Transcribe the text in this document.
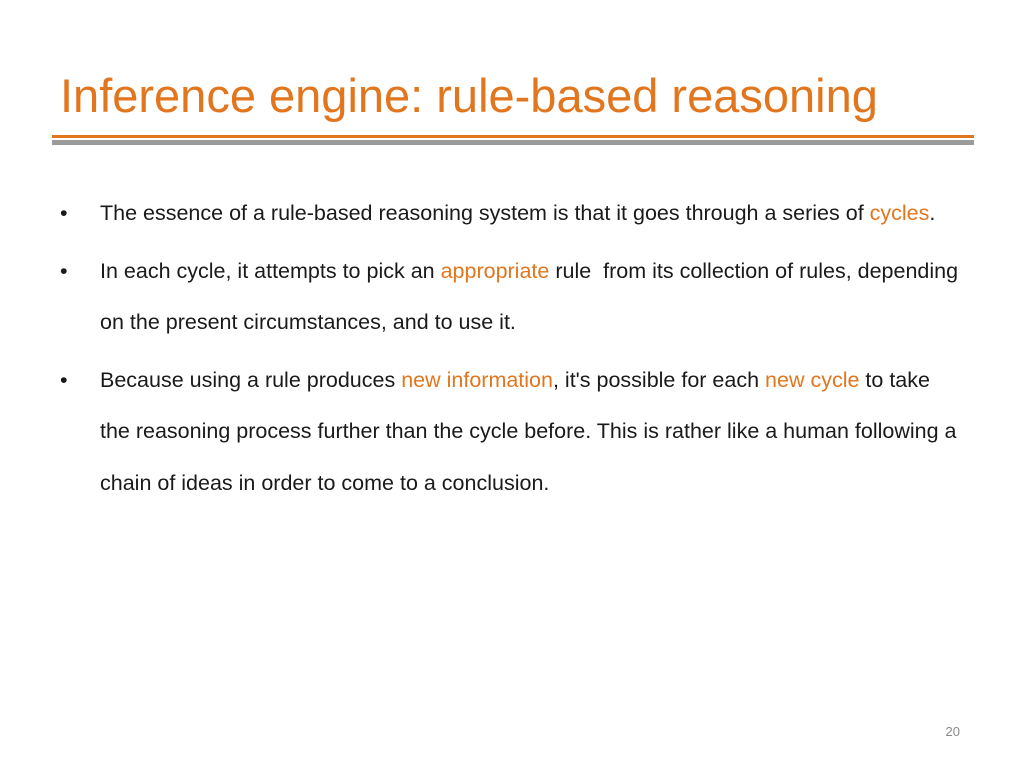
Inference engine: rule-based reasoning
•	The essence of a rule-based reasoning system is that it goes through a series of cycles.
•	In each cycle, it attempts to pick an appropriate rule  from its collection of rules, depending on the present circumstances, and to use it.
•	Because using a rule produces new information, it's possible for each new cycle to take the reasoning process further than the cycle before. This is rather like a human following a chain of ideas in order to come to a conclusion.
20
